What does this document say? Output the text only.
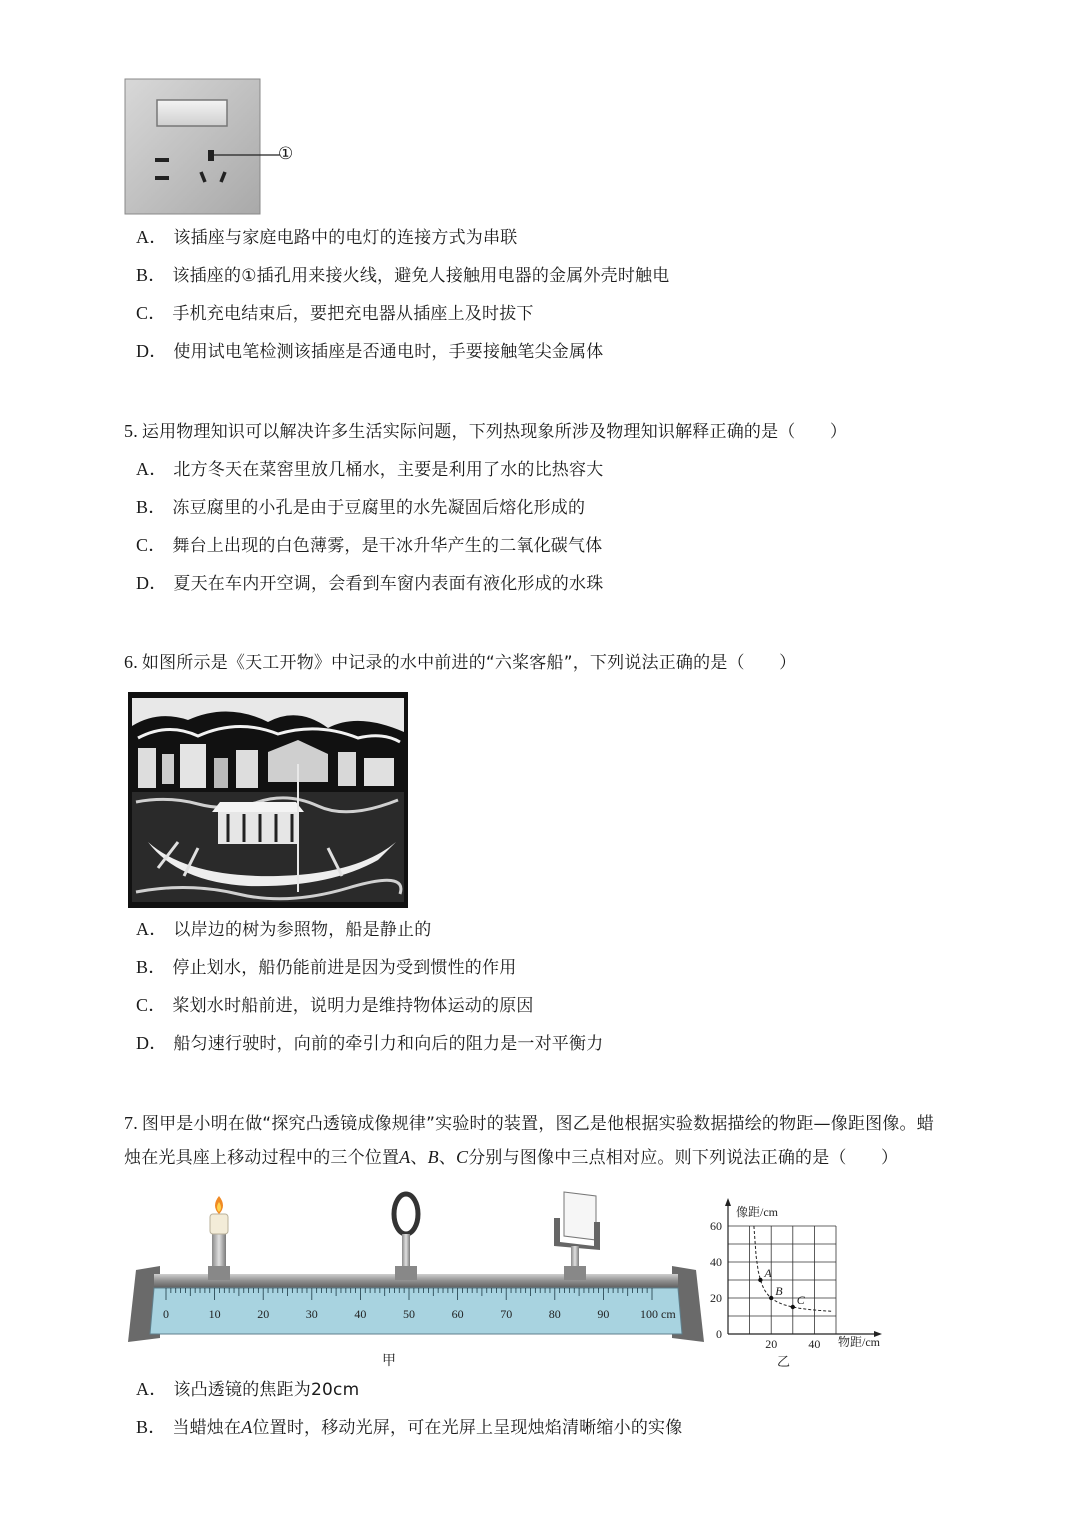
①
A． 该插座与家庭电路中的电灯的连接方式为串联
B． 该插座的①插孔用来接火线，避免人接触用电器的金属外壳时触电
C． 手机充电结束后，要把充电器从插座上及时拔下
D． 使用试电笔检测该插座是否通电时，手要接触笔尖金属体
5. 运用物理知识可以解决许多生活实际问题，下列热现象所涉及物理知识解释正确的是（　　）
A． 北方冬天在菜窖里放几桶水，主要是利用了水的比热容大
B． 冻豆腐里的小孔是由于豆腐里的水先凝固后熔化形成的
C． 舞台上出现的白色薄雾，是干冰升华产生的二氧化碳气体
D． 夏天在车内开空调，会看到车窗内表面有液化形成的水珠
6. 如图所示是《天工开物》中记录的水中前进的“六桨客船”，下列说法正确的是（　　）
A． 以岸边的树为参照物，船是静止的
B． 停止划水，船仍能前进是因为受到惯性的作用
C． 桨划水时船前进，说明力是维持物体运动的原因
D． 船匀速行驶时，向前的牵引力和向后的阻力是一对平衡力
7. 图甲是小明在做“探究凸透镜成像规律”实验时的装置，图乙是他根据实验数据描绘的物距—像距图像。蜡
烛在光具座上移动过程中的三个位置A、B、C分别与图像中三点相对应。则下列说法正确的是（　　）
0	10	20	30	40	50	60	70	80	90	100 cm
甲
A
B
C
0
20
40
60
20	40
像距/cm
物距/cm
乙
A． 该凸透镜的焦距为20cm
B． 当蜡烛在A位置时，移动光屏，可在光屏上呈现烛焰清晰缩小的实像
